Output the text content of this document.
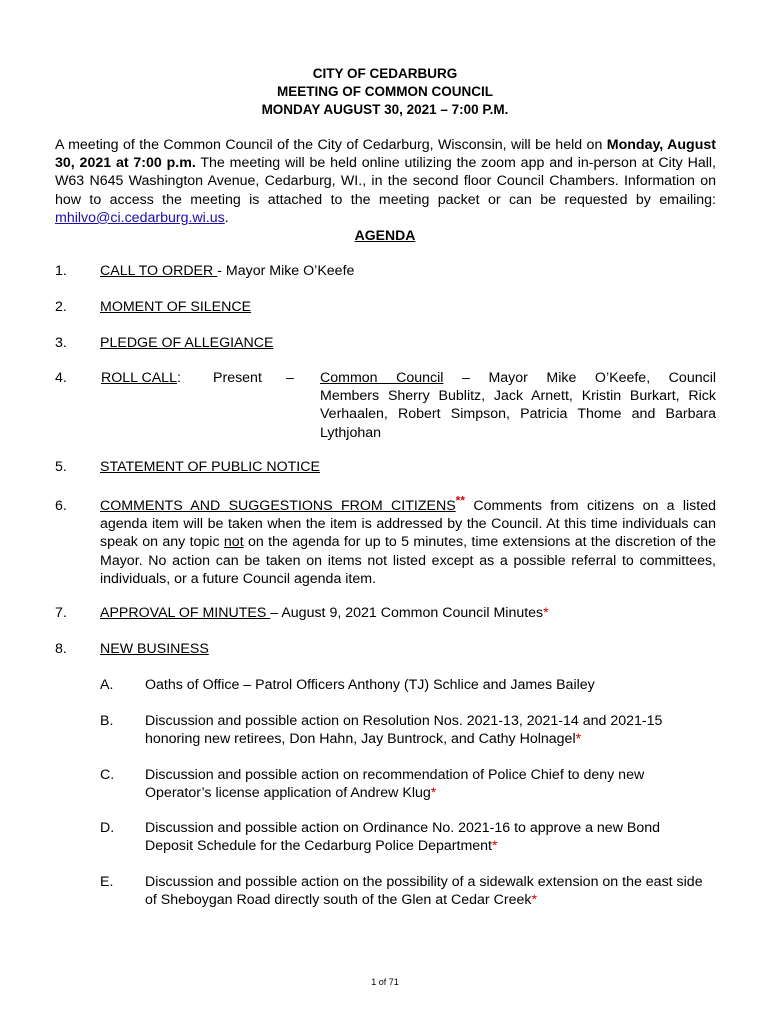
CITY OF CEDARBURG
MEETING OF COMMON COUNCIL
MONDAY AUGUST 30, 2021 – 7:00 P.M.
A meeting of the Common Council of the City of Cedarburg, Wisconsin, will be held on Monday, August 30, 2021 at 7:00 p.m. The meeting will be held online utilizing the zoom app and in-person at City Hall, W63 N645 Washington Avenue, Cedarburg, WI., in the second floor Council Chambers. Information on how to access the meeting is attached to the meeting packet or can be requested by emailing: mhilvo@ci.cedarburg.wi.us.
AGENDA
1. CALL TO ORDER - Mayor Mike O’Keefe
2. MOMENT OF SILENCE
3. PLEDGE OF ALLEGIANCE
4. ROLL CALL: Present – Common Council – Mayor Mike O’Keefe, Council
Members Sherry Bublitz, Jack Arnett, Kristin Burkart, Rick
Verhaalen, Robert Simpson, Patricia Thome and Barbara
Lythjohan
5. STATEMENT OF PUBLIC NOTICE
6. COMMENTS AND SUGGESTIONS FROM CITIZENS** Comments from citizens on a listed agenda item will be taken when the item is addressed by the Council. At this time individuals can speak on any topic not on the agenda for up to 5 minutes, time extensions at the discretion of the Mayor. No action can be taken on items not listed except as a possible referral to committees, individuals, or a future Council agenda item.
7. APPROVAL OF MINUTES – August 9, 2021 Common Council Minutes*
8. NEW BUSINESS
A. Oaths of Office – Patrol Officers Anthony (TJ) Schlice and James Bailey
B. Discussion and possible action on Resolution Nos. 2021-13, 2021-14 and 2021-15 honoring new retirees, Don Hahn, Jay Buntrock, and Cathy Holnagel*
C. Discussion and possible action on recommendation of Police Chief to deny new Operator’s license application of Andrew Klug*
D. Discussion and possible action on Ordinance No. 2021-16 to approve a new Bond Deposit Schedule for the Cedarburg Police Department*
E. Discussion and possible action on the possibility of a sidewalk extension on the east side of Sheboygan Road directly south of the Glen at Cedar Creek*
1 of 71
